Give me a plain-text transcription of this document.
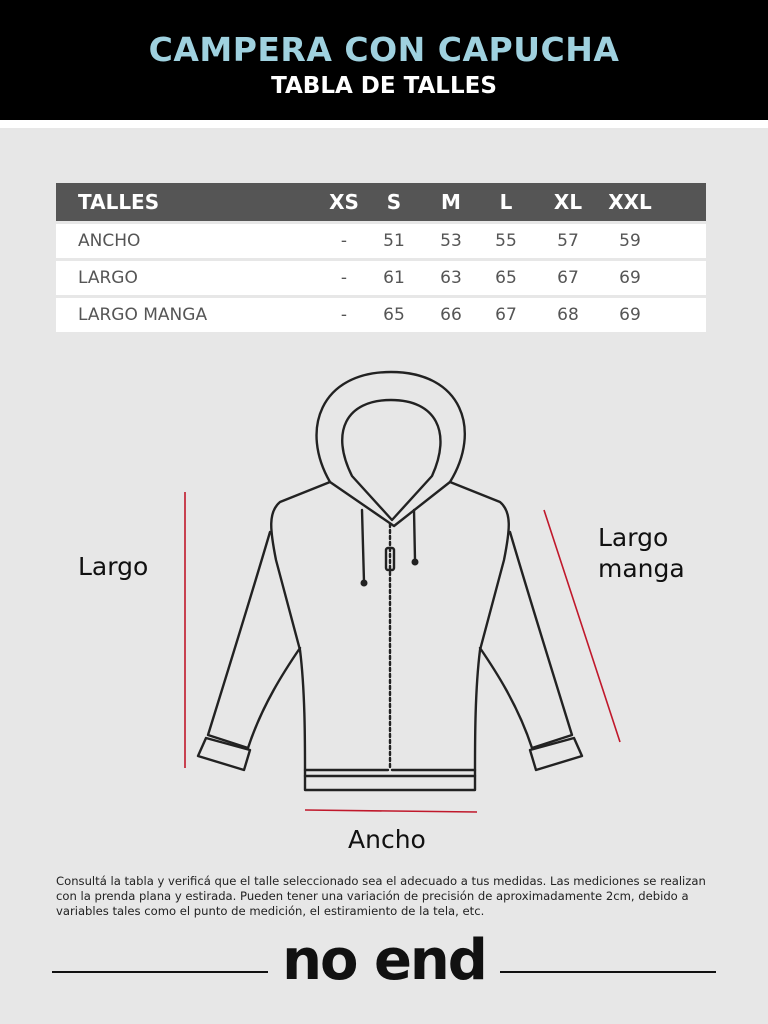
CAMPERA CON CAPUCHA
TABLA DE TALLES
TALLES	XS	S	M	L	XL	XXL
ANCHO	-	51	53	55	57	59
LARGO	-	61	63	65	67	69
LARGO MANGA	-	65	66	67	68	69
Largo
Largo
manga
Ancho
Consultá la tabla y verificá que el talle seleccionado sea el adecuado a tus medidas. Las mediciones se realizan con la prenda plana y estirada. Pueden tener una variación de precisión de aproximadamente 2cm, debido a variables tales como el punto de medición, el estiramiento de la tela, etc.
no end
